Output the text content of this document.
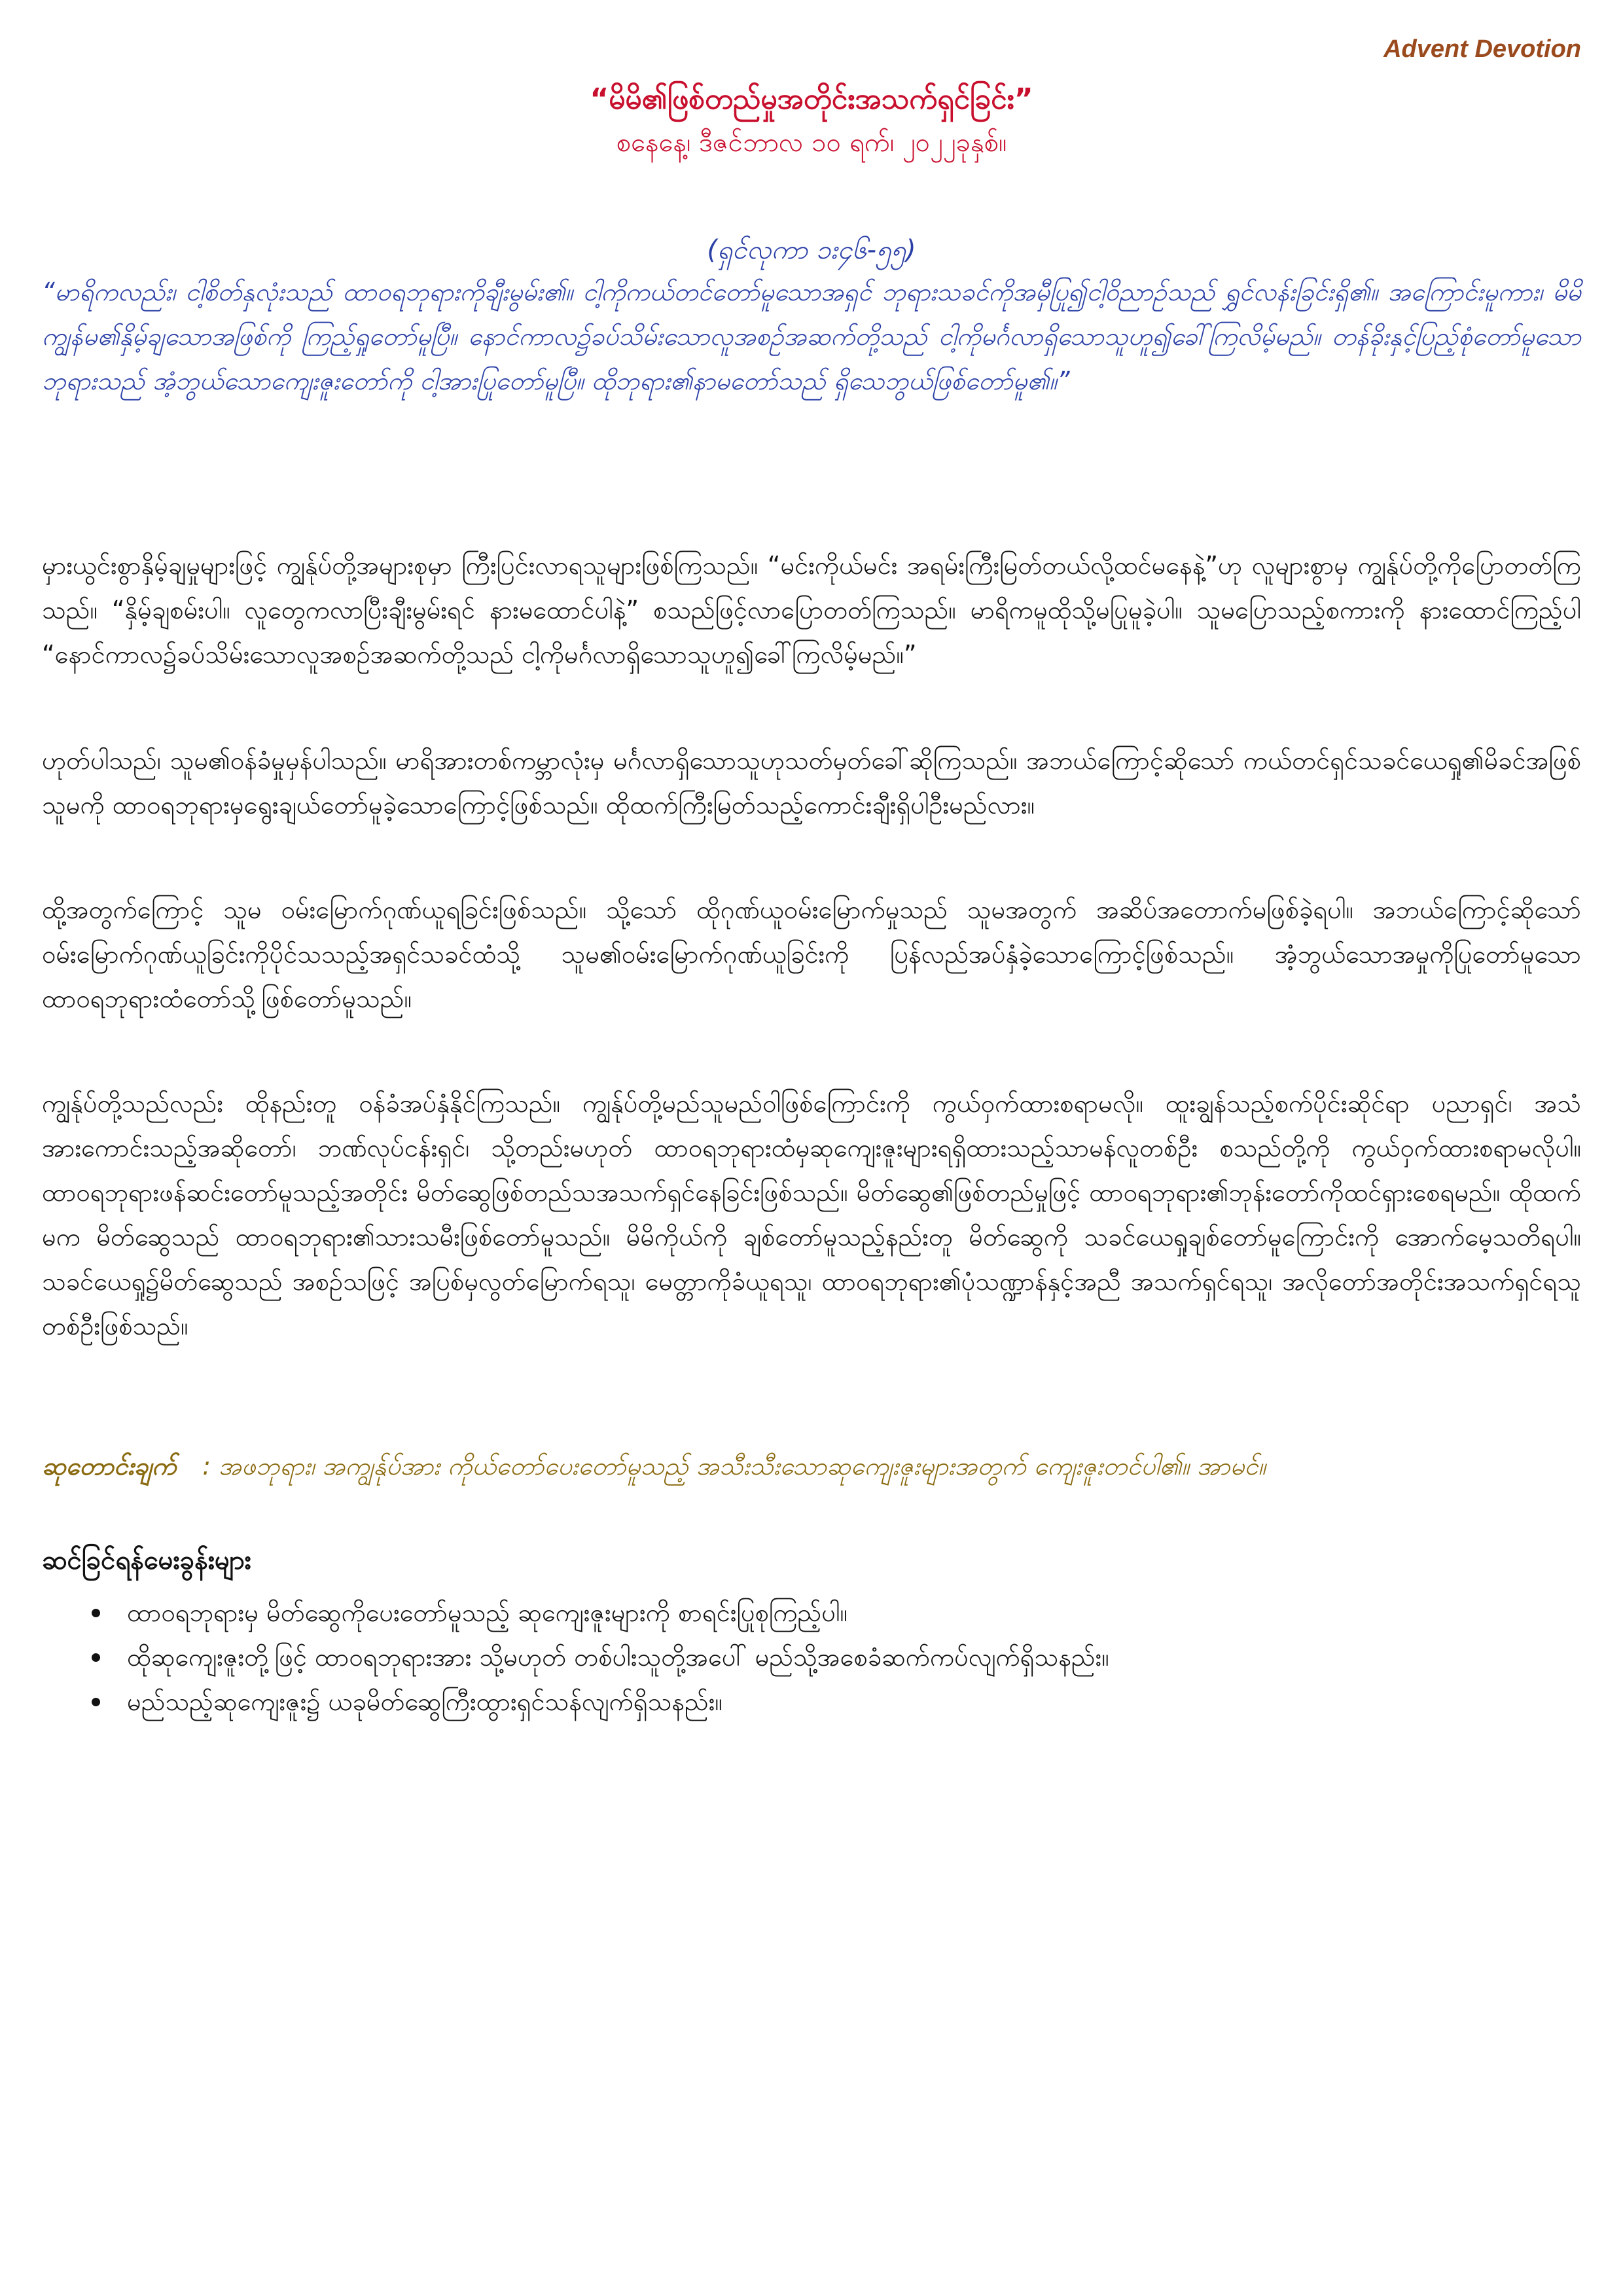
Advent Devotion
“မိမိ၏ဖြစ်တည်မှုအတိုင်းအသက်ရှင်ခြင်း”
စနေနေ့၊ ဒီဇင်ဘာလ ၁၀ ရက်၊ ၂၀၂၂ခုနှစ်။
(ရှင်လုကာ ၁း၄၆-၅၅)

“မာရိကလည်း၊ ငါ့စိတ်နှလုံးသည် ထာဝရဘုရားကိုချီးမွမ်း၏။ ငါ့ကိုကယ်တင်တော်မူသောအရှင် ဘုရားသခင်ကိုအမှီပြု၍ငါ့ဝိညာဉ်သည် ရွှင်လန်းခြင်းရှိ၏။ အကြောင်းမူကား၊ မိမိကျွန်မ၏နှိမ့်ချသောအဖြစ်ကို ကြည့်ရှုတော်မူပြီ။ နောင်ကာလ၌ခပ်သိမ်းသောလူအစဉ်အဆက်တို့သည် ငါ့ကိုမင်္ဂလာရှိသောသူဟူ၍ခေါ်ကြလိမ့်မည်။ တန်ခိုးနှင့်ပြည့်စုံတော်မူသောဘုရားသည် အံ့ဘွယ်သောကျေးဇူးတော်ကို ငါ့အားပြုတော်မူပြီ။ ထိုဘုရား၏နာမတော်သည် ရှိသေဘွယ်ဖြစ်တော်မူ၏။”

မှားယွင်းစွာနှိမ့်ချမှုများဖြင့် ကျွန်ုပ်တို့အများစုမှာ ကြီးပြင်းလာရသူများဖြစ်ကြသည်။ “မင်းကိုယ်မင်း အရမ်းကြီးမြတ်တယ်လို့ထင်မနေနဲ့”ဟု လူများစွာမှ ကျွန်ုပ်တို့ကိုပြောတတ်ကြသည်။ “နှိမ့်ချစမ်းပါ။ လူတွေကလာပြီးချီးမွမ်းရင် နားမထောင်ပါနဲ့” စသည်ဖြင့်လာပြောတတ်ကြသည်။ မာရိကမူထိုသို့မပြုမူခဲ့ပါ။ သူမပြောသည့်စကားကို နားထောင်ကြည့်ပါ “နောင်ကာလ၌ခပ်သိမ်းသောလူအစဉ်အဆက်တို့သည် ငါ့ကိုမင်္ဂလာရှိသောသူဟူ၍ခေါ်ကြလိမ့်မည်။”

ဟုတ်ပါသည်၊ သူမ၏ဝန်ခံမှုမှန်ပါသည်။ မာရိအားတစ်ကမ္ဘာလုံးမှ မင်္ဂလာရှိသောသူဟုသတ်မှတ်ခေါ်ဆိုကြသည်။ အဘယ်ကြောင့်ဆိုသော် ကယ်တင်ရှင်သခင်ယေရှု၏မိခင်အဖြစ်သူမကို ထာဝရဘုရားမှရွေးချယ်တော်မူခဲ့သောကြောင့်ဖြစ်သည်။ ထိုထက်ကြီးမြတ်သည့်ကောင်းချီးရှိပါဦးမည်လား။

ထို့အတွက်ကြောင့် သူမ ဝမ်းမြောက်ဂုဏ်ယူရခြင်းဖြစ်သည်။ သို့သော် ထိုဂုဏ်ယူဝမ်းမြောက်မှုသည် သူမအတွက် အဆိပ်အတောက်မဖြစ်ခဲ့ရပါ။ အဘယ်ကြောင့်ဆိုသော် ဝမ်းမြောက်ဂုဏ်ယူခြင်းကိုပိုင်သသည့်အရှင်သခင်ထံသို့ သူမ၏ဝမ်းမြောက်ဂုဏ်ယူခြင်းကို ပြန်လည်အပ်နှံခဲ့သောကြောင့်ဖြစ်သည်။ အံ့ဘွယ်သောအမှုကိုပြုတော်မူသော ထာဝရဘုရားထံတော်သို့ဖြစ်တော်မူသည်။

ကျွန်ုပ်တို့သည်လည်း ထိုနည်းတူ ဝန်ခံအပ်နှံနိုင်ကြသည်။ ကျွန်ုပ်တို့မည်သူမည်ဝါဖြစ်ကြောင်းကို ကွယ်ဝှက်ထားစရာမလို။ ထူးချွန်သည့်စက်ပိုင်းဆိုင်ရာ ပညာရှင်၊ အသံအားကောင်းသည့်အဆိုတော်၊ ဘဏ်လုပ်ငန်းရှင်၊ သို့တည်းမဟုတ် ထာဝရဘုရားထံမှဆုကျေးဇူးများရရှိထားသည့်သာမန်လူတစ်ဦး စသည်တို့ကို ကွယ်ဝှက်ထားစရာမလိုပါ။ ထာဝရဘုရားဖန်ဆင်းတော်မူသည့်အတိုင်း မိတ်ဆွေဖြစ်တည်သအသက်ရှင်နေခြင်းဖြစ်သည်။ မိတ်ဆွေ၏ဖြစ်တည်မှုဖြင့် ထာဝရဘုရား၏ဘုန်းတော်ကိုထင်ရှားစေရမည်။ ထိုထက်မက မိတ်ဆွေသည် ထာဝရဘုရား၏သားသမီးဖြစ်တော်မူသည်။ မိမိကိုယ်ကို ချစ်တော်မူသည့်နည်းတူ မိတ်ဆွေကို သခင်ယေရှုချစ်တော်မူကြောင်းကို အောက်မေ့သတိရပါ။ သခင်ယေရှု၌မိတ်ဆွေသည် အစဉ်သဖြင့် အပြစ်မှလွတ်မြောက်ရသူ၊ မေတ္တာကိုခံယူရသူ၊ ထာဝရဘုရား၏ပုံသဏ္ဍာန်နှင့်အညီ အသက်ရှင်ရသူ၊ အလိုတော်အတိုင်းအသက်ရှင်ရသူ တစ်ဦးဖြစ်သည်။

ဆုတောင်းချက် : အဖဘုရား၊ အကျွန်ုပ်အား ကိုယ်တော်ပေးတော်မူသည့် အသီးသီးသောဆုကျေးဇူးများအတွက် ကျေးဇူးတင်ပါ၏။ အာမင်။
ဆင်ခြင်ရန်မေးခွန်းများ
ထာဝရဘုရားမှ မိတ်ဆွေကိုပေးတော်မူသည့် ဆုကျေးဇူးများကို စာရင်းပြုစုကြည့်ပါ။
ထိုဆုကျေးဇူးတို့ဖြင့် ထာဝရဘုရားအား သို့မဟုတ် တစ်ပါးသူတို့အပေါ် မည်သို့အစေခံဆက်ကပ်လျက်ရှိသနည်း။
မည်သည့်ဆုကျေးဇူး၌ ယခုမိတ်ဆွေကြီးထွားရှင်သန်လျက်ရှိသနည်း။
